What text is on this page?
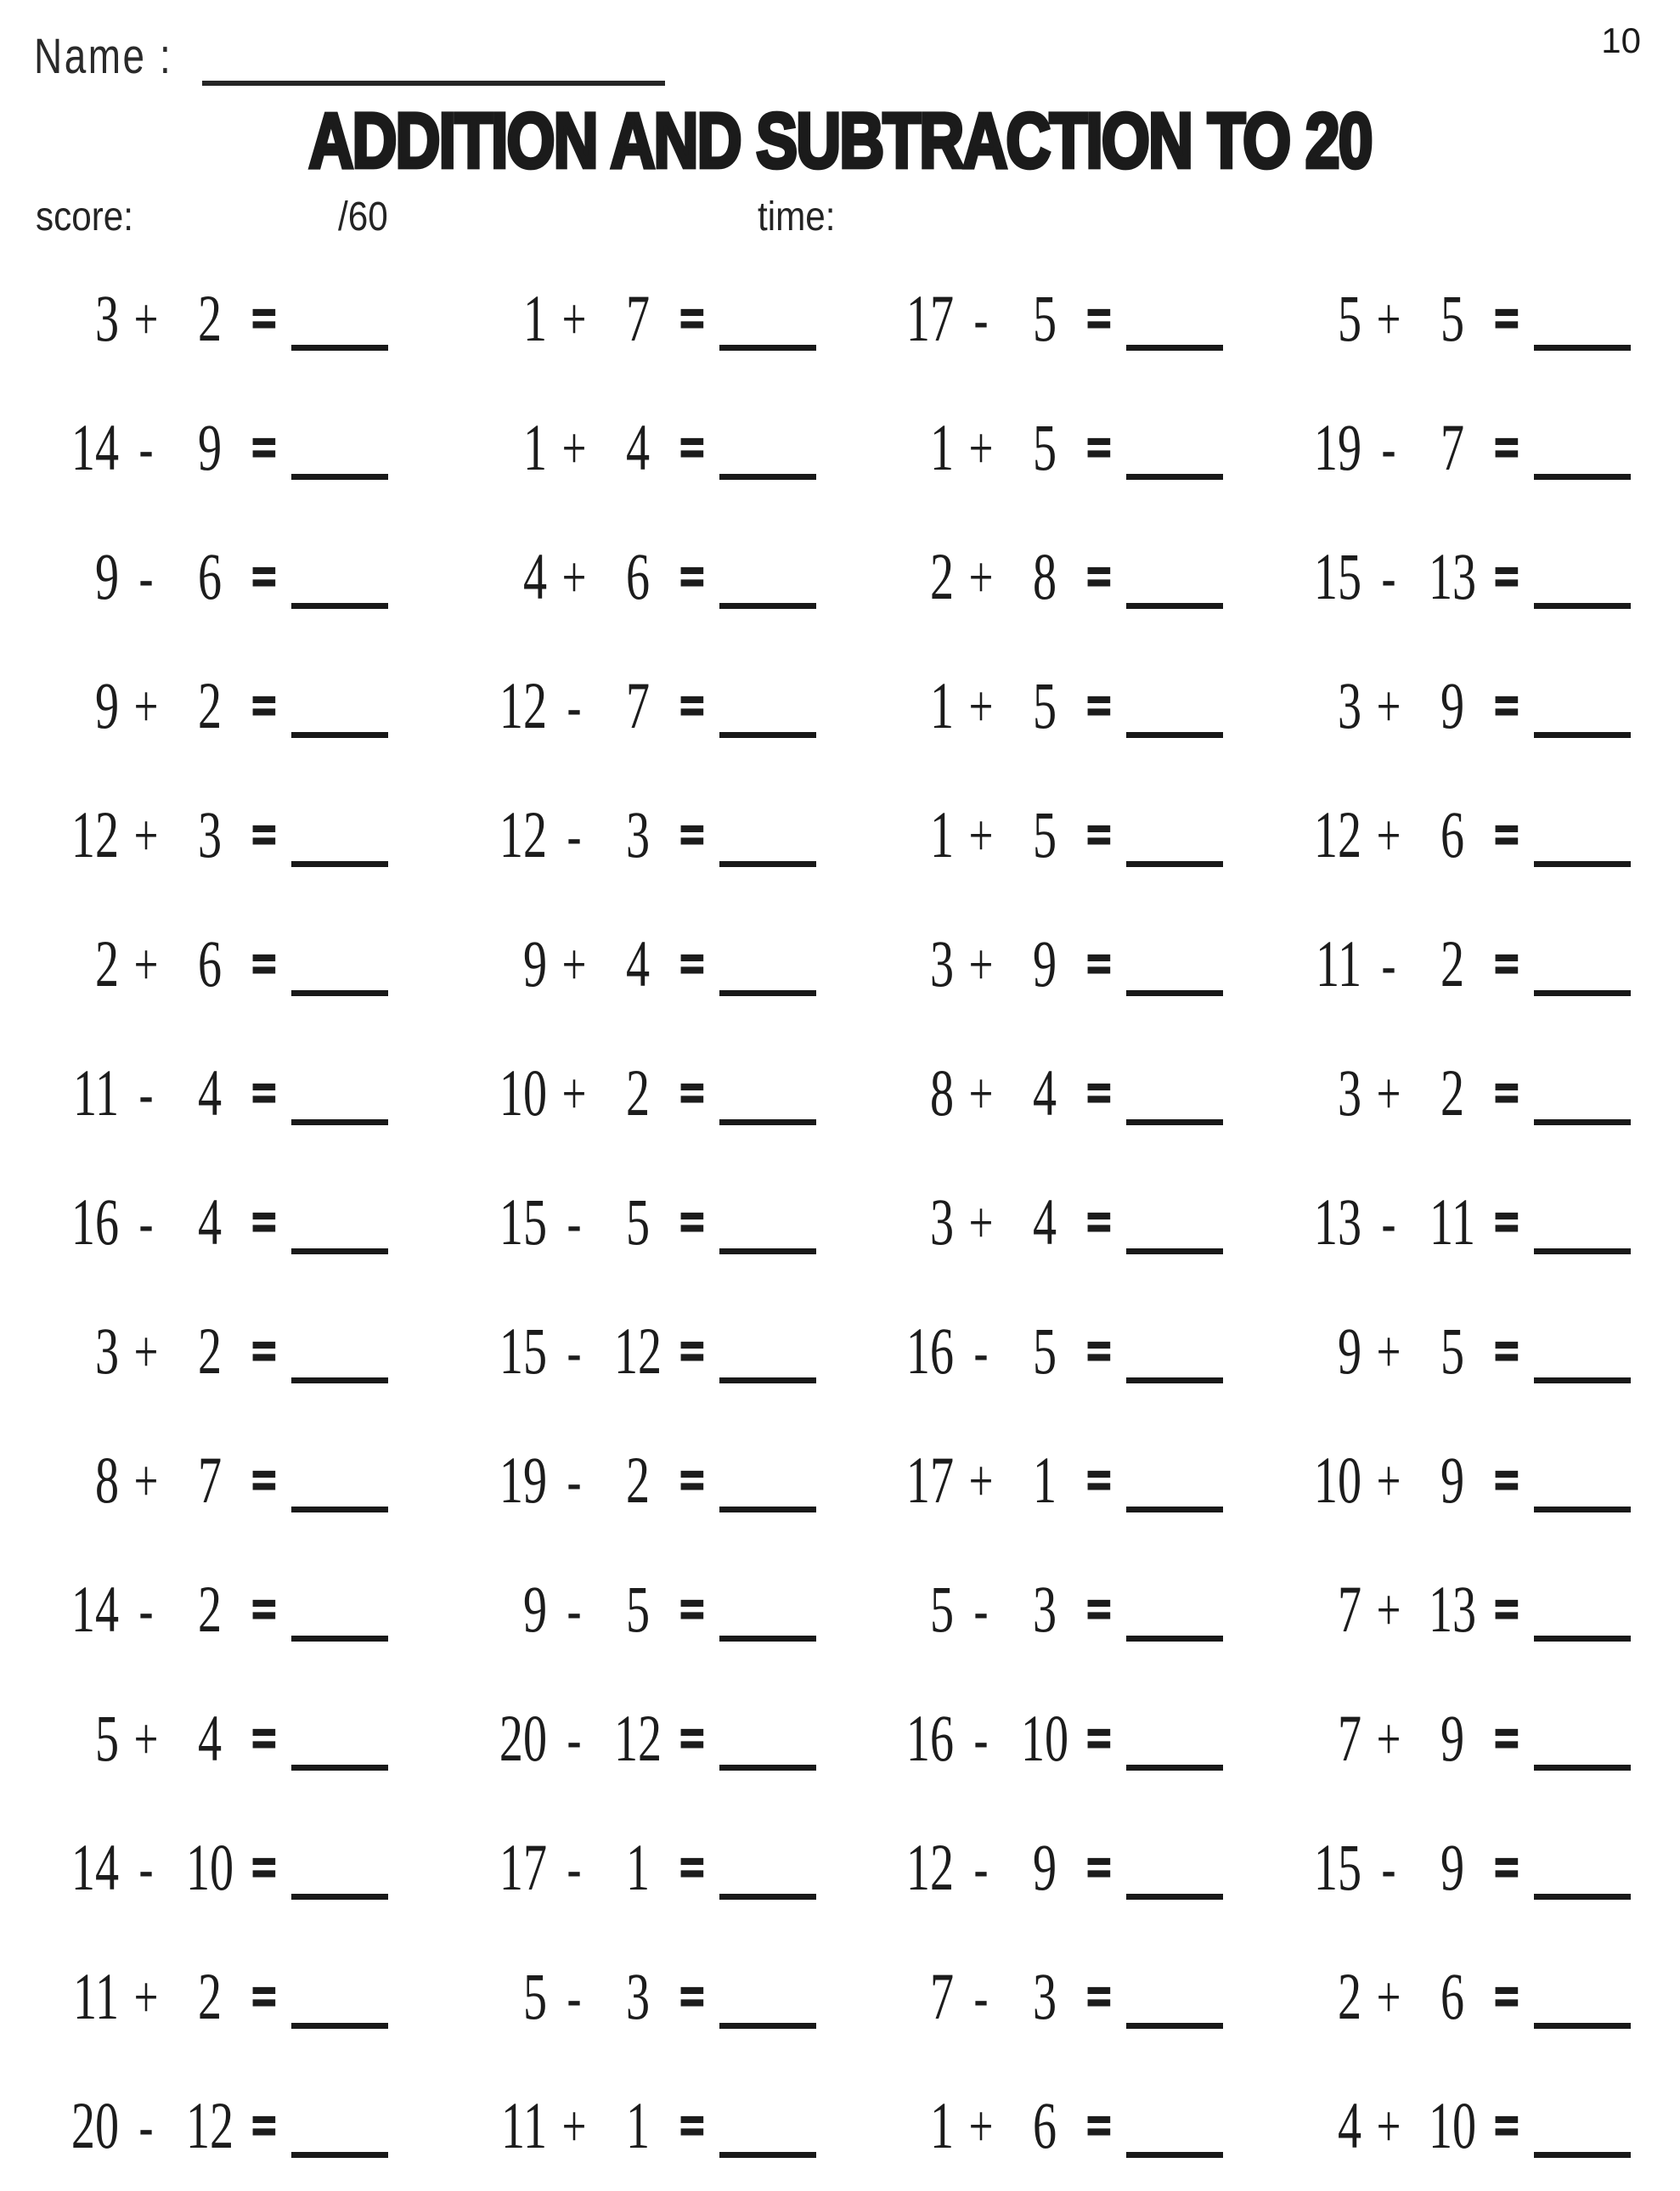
10
Name :
ADDITION AND SUBTRACTION TO 20
score:	/60	time:
3 + 2 =	1 + 7 =	17 - 5 =	5 + 5 =
14 - 9 =	1 + 4 =	1 + 5 =	19 - 7 =
9 - 6 =	4 + 6 =	2 + 8 =	15 - 13 =
9 + 2 =	12 - 7 =	1 + 5 =	3 + 9 =
12 + 3 =	12 - 3 =	1 + 5 =	12 + 6 =
2 + 6 =	9 + 4 =	3 + 9 =	11 - 2 =
11 - 4 =	10 + 2 =	8 + 4 =	3 + 2 =
16 - 4 =	15 - 5 =	3 + 4 =	13 - 11 =
3 + 2 =	15 - 12 =	16 - 5 =	9 + 5 =
8 + 7 =	19 - 2 =	17 + 1 =	10 + 9 =
14 - 2 =	9 - 5 =	5 - 3 =	7 + 13 =
5 + 4 =	20 - 12 =	16 - 10 =	7 + 9 =
14 - 10 =	17 - 1 =	12 - 9 =	15 - 9 =
11 + 2 =	5 - 3 =	7 - 3 =	2 + 6 =
20 - 12 =	11 + 1 =	1 + 6 =	4 + 10 =
